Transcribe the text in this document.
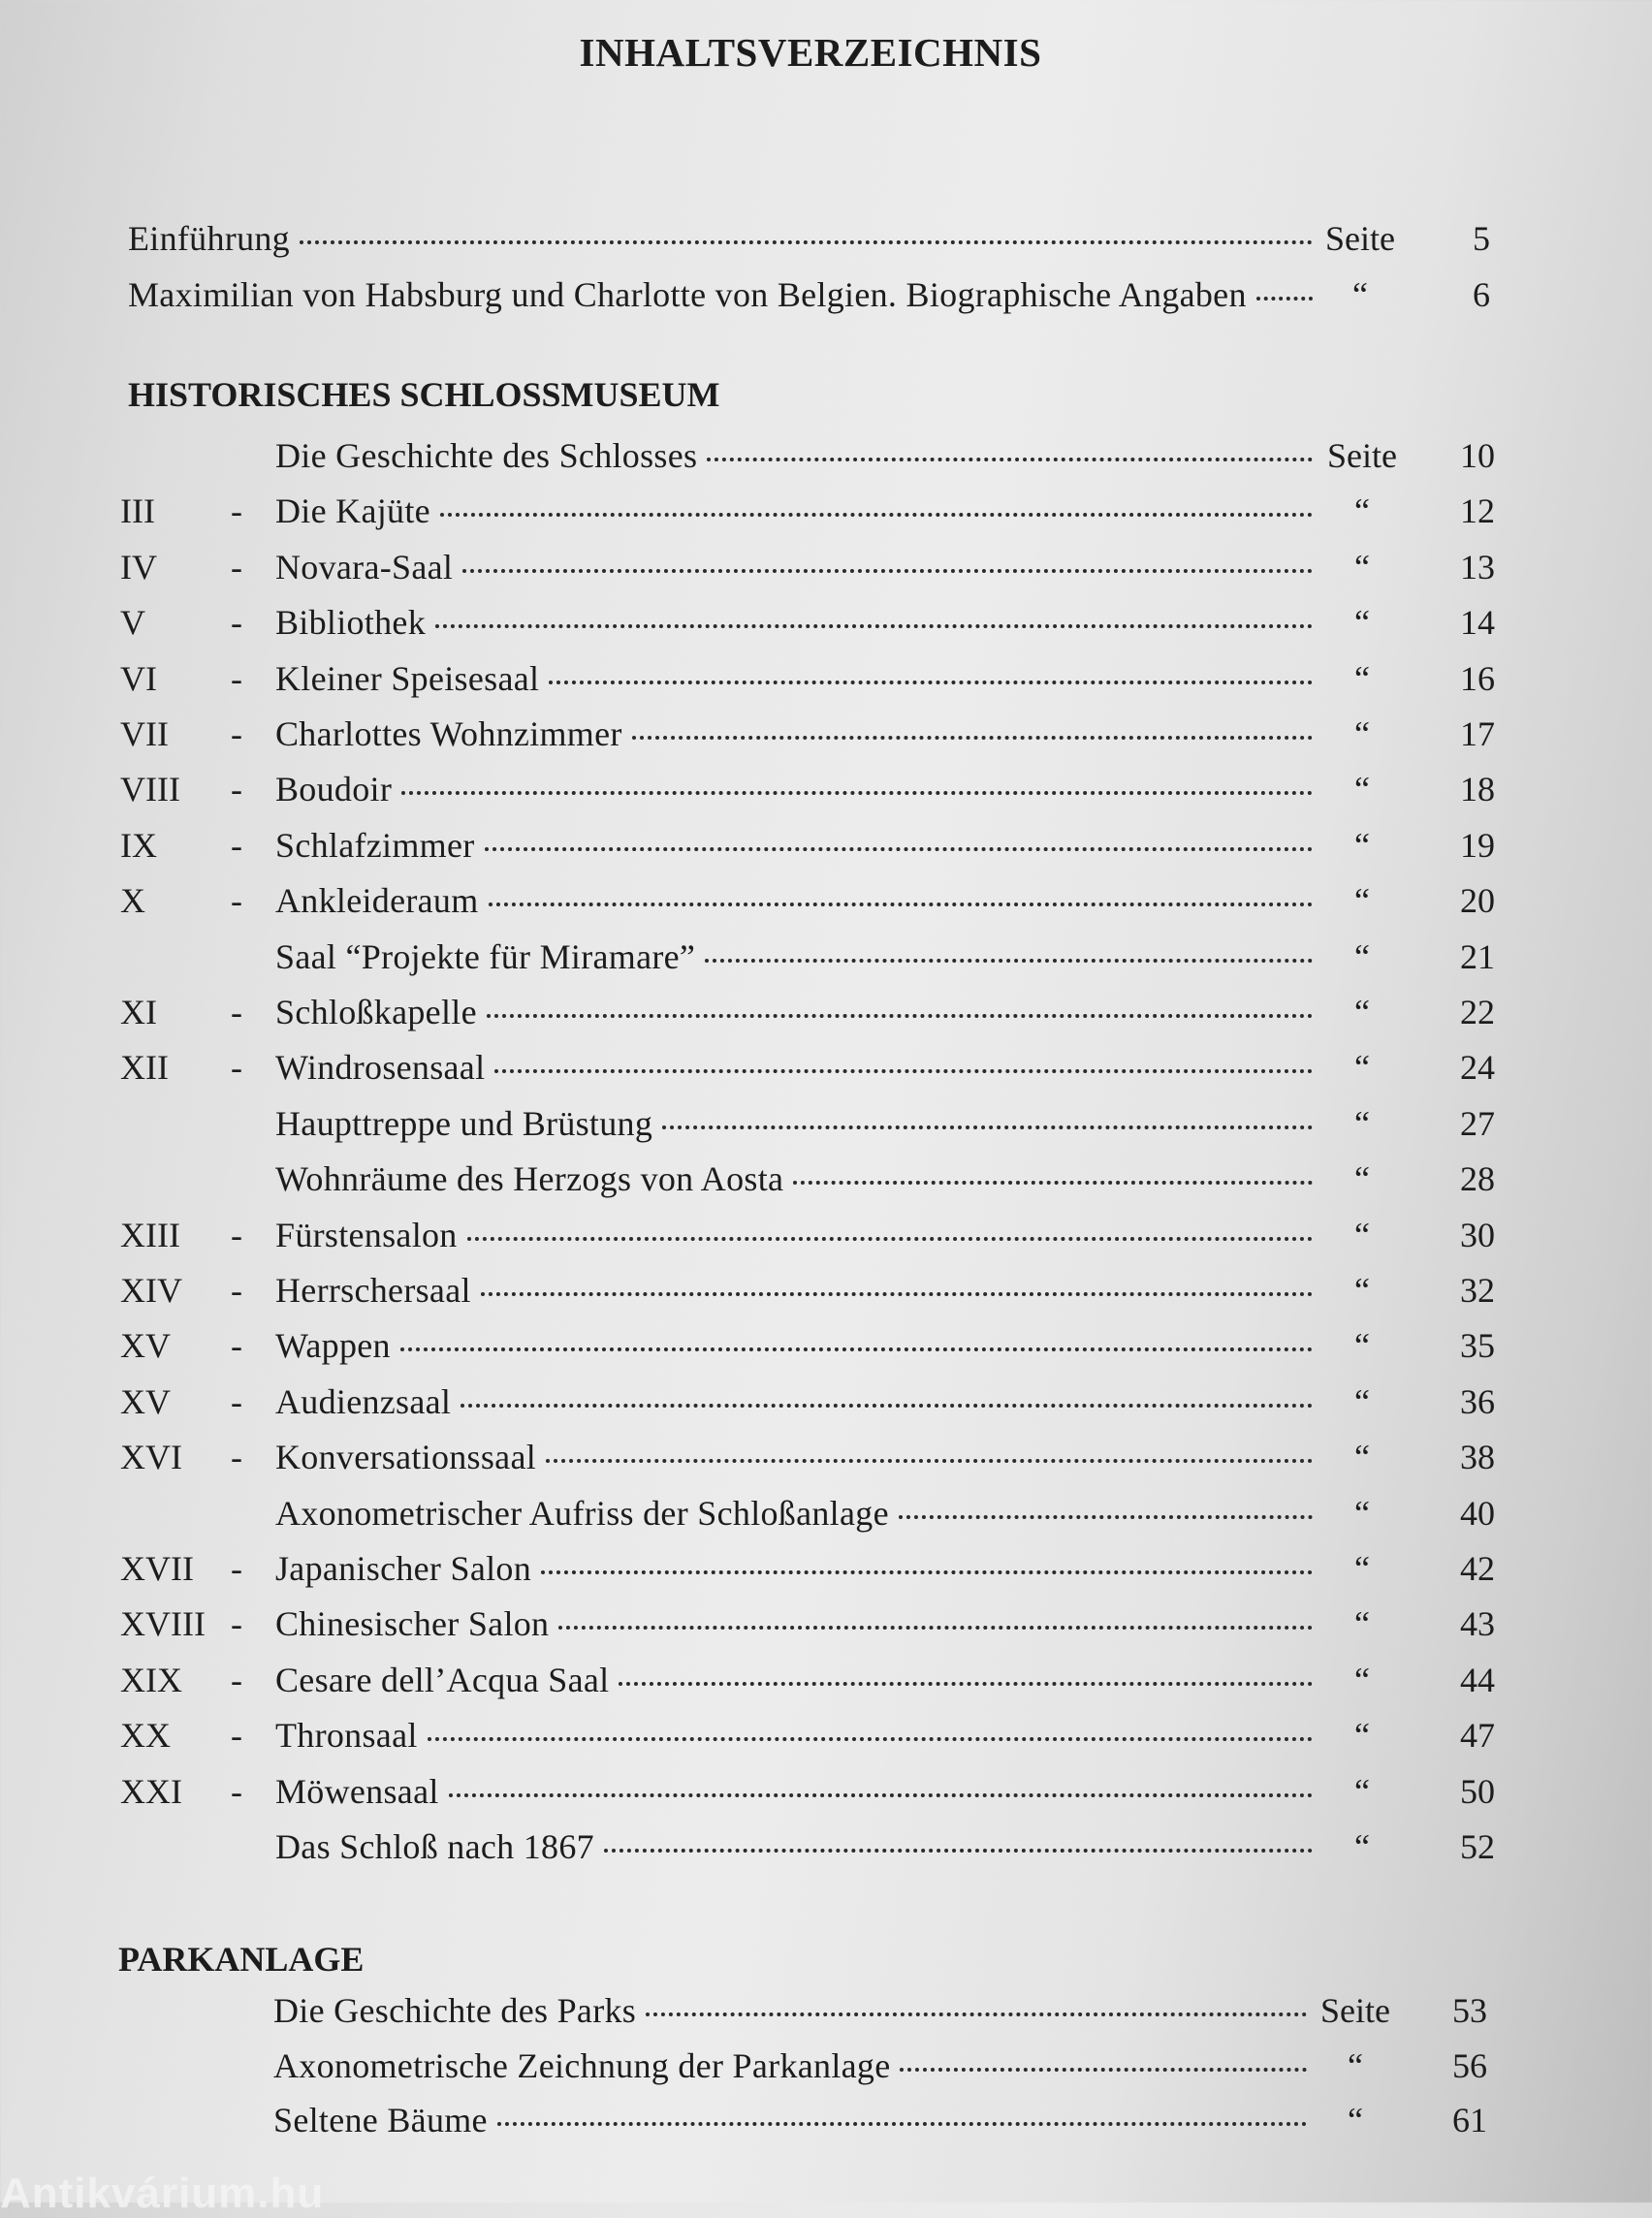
INHALTSVERZEICHNIS
Einführung	Seite	5
Maximilian von Habsburg und Charlotte von Belgien. Biographische Angaben	“	6
HISTORISCHES SCHLOSSMUSEUM
Die Geschichte des Schlosses	Seite	10
III - Die Kajüte	“	12
IV - Novara-Saal	“	13
V - Bibliothek	“	14
VI - Kleiner Speisesaal	“	16
VII - Charlottes Wohnzimmer	“	17
VIII - Boudoir	“	18
IX - Schlafzimmer	“	19
X - Ankleideraum	“	20
Saal “Projekte für Miramare”	“	21
XI - Schloßkapelle	“	22
XII - Windrosensaal	“	24
Haupttreppe und Brüstung	“	27
Wohnräume des Herzogs von Aosta	“	28
XIII - Fürstensalon	“	30
XIV - Herrschersaal	“	32
XV - Wappen	“	35
XV - Audienzsaal	“	36
XVI - Konversationssaal	“	38
Axonometrischer Aufriss der Schloßanlage	“	40
XVII - Japanischer Salon	“	42
XVIII - Chinesischer Salon	“	43
XIX - Cesare dell’Acqua Saal	“	44
XX - Thronsaal	“	47
XXI - Möwensaal	“	50
Das Schloß nach 1867	“	52
PARKANLAGE
Die Geschichte des Parks	Seite	53
Axonometrische Zeichnung der Parkanlage	“	56
Seltene Bäume	“	61
Antikvárium.hu
